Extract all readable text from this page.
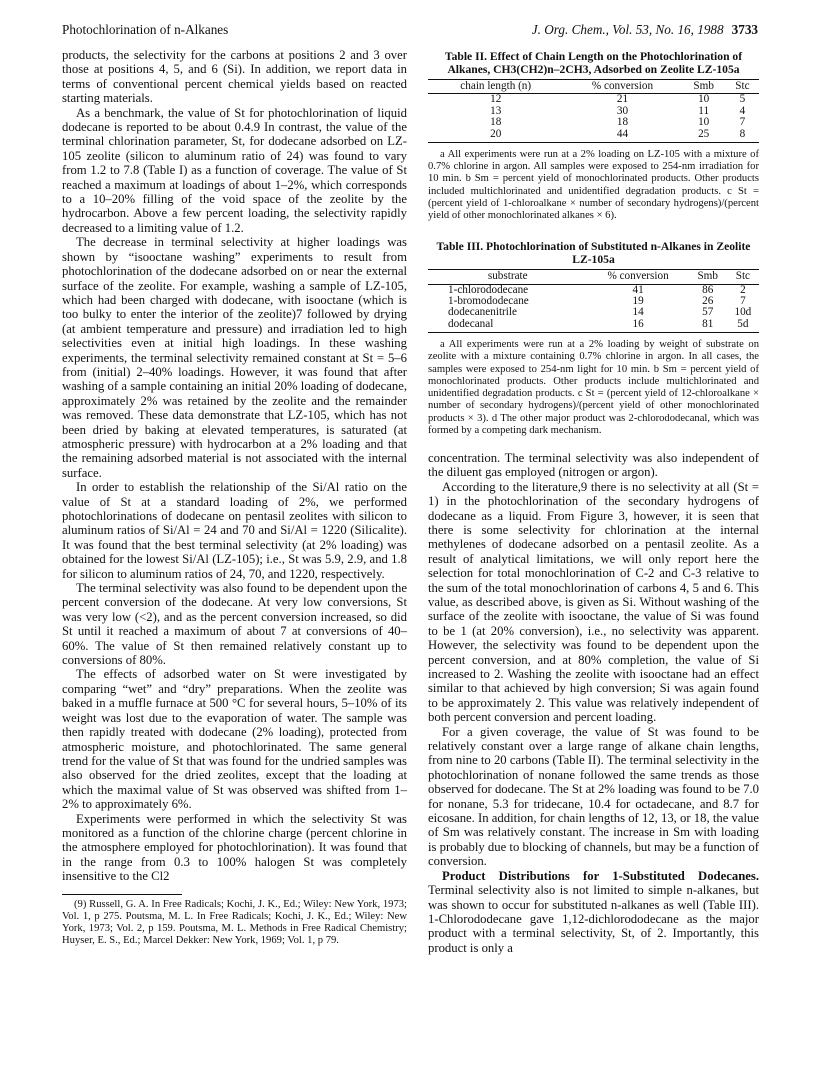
Photochlorination of n-Alkanes	J. Org. Chem., Vol. 53, No. 16, 1988 3733

products, the selectivity for the carbons at positions 2 and 3 over those at positions 4, 5, and 6 (Si). In addition, we report data in terms of conventional percent chemical yields based on reacted starting materials.

As a benchmark, the value of St for photochlorination of liquid dodecane is reported to be about 0.4.9 In contrast, the value of the terminal chlorination parameter, St, for dodecane adsorbed on LZ-105 zeolite (silicon to aluminum ratio of 24) was found to vary from 1.2 to 7.8 (Table I) as a function of coverage. The value of St reached a maximum at loadings of about 1–2%, which corresponds to a 10–20% filling of the void space of the zeolite by the hydrocarbon. Above a few percent loading, the selectivity rapidly decreased to a limiting value of 1.2.

The decrease in terminal selectivity at higher loadings was shown by “isooctane washing” experiments to result from photochlorination of the dodecane adsorbed on or near the external surface of the zeolite. For example, washing a sample of LZ-105, which had been charged with dodecane, with isooctane (which is too bulky to enter the interior of the zeolite)7 followed by drying (at ambient temperature and pressure) and irradiation led to high selectivities even at initial high loadings. In these washing experiments, the terminal selectivity remained constant at St = 5–6 from (initial) 2–40% loadings. However, it was found that after washing of a sample containing an initial 20% loading of dodecane, approximately 2% was retained by the zeolite and the remainder was removed. These data demonstrate that LZ-105, which has not been dried by baking at elevated temperatures, is saturated (at atmospheric pressure) with hydrocarbon at a 2% loading and that the remaining adsorbed material is not associated with the internal surface.

In order to establish the relationship of the Si/Al ratio on the value of St at a standard loading of 2%, we performed photochlorinations of dodecane on pentasil zeolites with silicon to aluminum ratios of Si/Al = 24 and 70 and Si/Al = 1220 (Silicalite). It was found that the best terminal selectivity (at 2% loading) was obtained for the lowest Si/Al (LZ-105); i.e., St was 5.9, 2.9, and 1.8 for silicon to aluminum ratios of 24, 70, and 1220, respectively.

The terminal selectivity was also found to be dependent upon the percent conversion of the dodecane. At very low conversions, St was very low (<2), and as the percent conversion increased, so did St until it reached a maximum of about 7 at conversions of 40–60%. The value of St then remained relatively constant up to conversions of 80%.

The effects of adsorbed water on St were investigated by comparing “wet” and “dry” preparations. When the zeolite was baked in a muffle furnace at 500 °C for several hours, 5–10% of its weight was lost due to the evaporation of water. The sample was then rapidly treated with dodecane (2% loading), protected from atmospheric moisture, and photochlorinated. The same general trend for the value of St that was found for the undried samples was also observed for the dried zeolites, except that the loading at which the maximal value of St was observed was shifted from 1–2% to approximately 6%.

Experiments were performed in which the selectivity St was monitored as a function of the chlorine charge (percent chlorine in the atmosphere employed for photochlorination). It was found that in the range from 0.3 to 100% halogen St was completely insensitive to the Cl2

(9) Russell, G. A. In Free Radicals; Kochi, J. K., Ed.; Wiley: New York, 1973; Vol. 1, p 275. Poutsma, M. L. In Free Radicals; Kochi, J. K., Ed.; Wiley: New York, 1973; Vol. 2, p 159. Poutsma, M. L. Methods in Free Radical Chemistry; Huyser, E. S., Ed.; Marcel Dekker: New York, 1969; Vol. 1, p 79.

Table II. Effect of Chain Length on the Photochlorination of Alkanes, CH3(CH2)n–2CH3, Adsorbed on Zeolite LZ-105a
chain length (n)	% conversion	Smb	Stc
12	21	10	5
13	30	11	4
18	18	10	7
20	44	25	8

a All experiments were run at a 2% loading on LZ-105 with a mixture of 0.7% chlorine in argon. All samples were exposed to 254-nm irradiation for 10 min. b Sm = percent yield of monochlorinated products. Other products included multichlorinated and unidentified degradation products. c St = (percent yield of 1-chloroalkane × number of secondary hydrogens)/(percent yield of other monochlorinated alkanes × 6).

Table III. Photochlorination of Substituted n-Alkanes in Zeolite LZ-105a
substrate	% conversion	Smb	Stc
1-chlorododecane	41	86	2
1-bromododecane	19	26	7
dodecanenitrile	14	57	10d
dodecanal	16	81	5d

a All experiments were run at a 2% loading by weight of substrate on zeolite with a mixture containing 0.7% chlorine in argon. In all cases, the samples were exposed to 254-nm light for 10 min. b Sm = percent yield of monochlorinated products. Other products include multichlorinated and unidentified degradation products. c St = (percent yield of 12-chloroalkane × number of secondary hydrogens)/(percent yield of other monochlorinated products × 3). d The other major product was 2-chlorododecanal, which was formed by a competing dark mechanism.

concentration. The terminal selectivity was also independent of the diluent gas employed (nitrogen or argon).

According to the literature,9 there is no selectivity at all (St = 1) in the photochlorination of the secondary hydrogens of dodecane as a liquid. From Figure 3, however, it is seen that there is some selectivity for chlorination at the internal methylenes of dodecane adsorbed on a pentasil zeolite. As a result of analytical limitations, we will only report here the selection for total monochlorination of C-2 and C-3 relative to the sum of the total monochlorination of carbons 4, 5 and 6. This value, as described above, is given as Si. Without washing of the surface of the zeolite with isooctane, the value of Si was found to be 1 (at 20% conversion), i.e., no selectivity was apparent. However, the selectivity was found to be dependent upon the percent conversion, and at 80% completion, the value of Si increased to 2. Washing the zeolite with isooctane had an effect similar to that achieved by high conversion; Si was again found to be approximately 2. This value was relatively independent of both percent conversion and percent loading.

For a given coverage, the value of St was found to be relatively constant over a large range of alkane chain lengths, from nine to 20 carbons (Table II). The terminal selectivity in the photochlorination of nonane followed the same trends as those observed for dodecane. The St at 2% loading was found to be 7.0 for nonane, 5.3 for tridecane, 10.4 for octadecane, and 8.7 for eicosane. In addition, for chain lengths of 12, 13, or 18, the value of Sm was relatively constant. The increase in Sm with loading is probably due to blocking of channels, but may be a function of conversion.

Product Distributions for 1-Substituted Dodecanes. Terminal selectivity also is not limited to simple n-alkanes, but was shown to occur for substituted n-alkanes as well (Table III). 1-Chlorododecane gave 1,12-dichlorododecane as the major product with a terminal selectivity, St, of 2. Importantly, this product is only a
